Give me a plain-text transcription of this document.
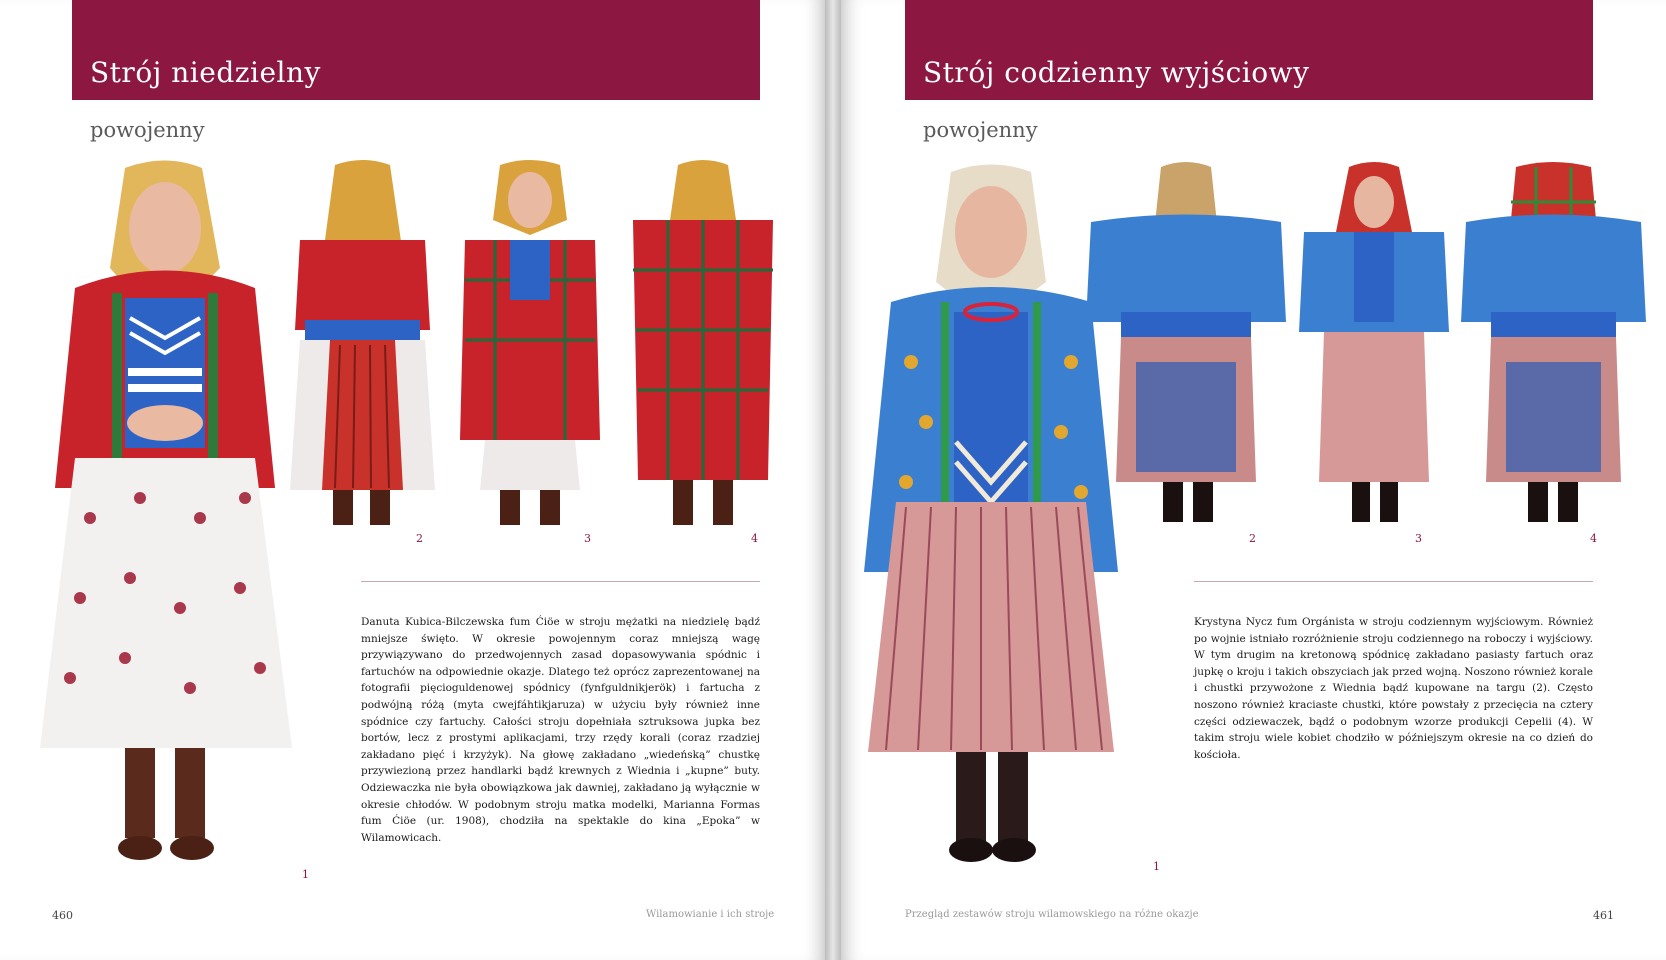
Strój niedzielny
powojenny
1
2	3	4
Danuta Kubica-Bilczewska fum Ćiöe w stroju mężatki na niedzielę bądź mniejsze święto. W okresie powojennym coraz mniejszą wagę przywiązywano do przedwojennych zasad dopasowywania spódnic i fartuchów na odpowiednie okazje. Dlatego też oprócz zaprezentowanej na fotografii pięcioguldenowej spódnicy (fynfguldnikjerök) i fartucha z podwójną różą (myta cwejfáhtikjaruza) w użyciu były również inne spódnice czy fartuchy. Całości stroju dopełniała sztruksowa jupka bez bortów, lecz z prostymi aplikacjami, trzy rzędy korali (coraz rzadziej zakładano pięć i krzyżyk). Na głowę zakładano „wiedeńską” chustkę przywiezioną przez handlarki bądź krewnych z Wiednia i „kupne” buty. Odziewaczka nie była obowiązkowa jak dawniej, zakładano ją wyłącznie w okresie chłodów. W podobnym stroju matka modelki, Marianna Formas fum Ćiöe (ur. 1908), chodziła na spektakle do kina „Epoka” w Wilamowicach.
460	Wilamowianie i ich stroje
Strój codzienny wyjściowy
powojenny
1
2	3	4
Krystyna Nycz fum Orgánista w stroju codziennym wyjściowym. Również po wojnie istniało rozróżnienie stroju codziennego na roboczy i wyjściowy. W tym drugim na kretonową spódnicę zakładano pasiasty fartuch oraz jupkę o kroju i takich obszyciach jak przed wojną. Noszono również korale i chustki przywożone z Wiednia bądź kupowane na targu (2). Często noszono również kraciaste chustki, które powstały z przecięcia na cztery części odziewaczek, bądź o podobnym wzorze produkcji Cepelii (4). W takim stroju wiele kobiet chodziło w późniejszym okresie na co dzień do kościoła.
Przegląd zestawów stroju wilamowskiego na różne okazje	461
